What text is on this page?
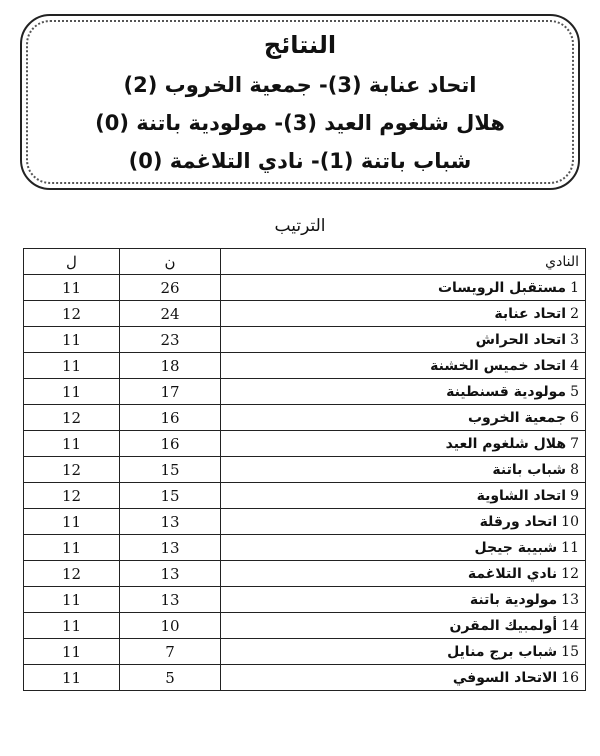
النتائج
اتحاد عنابة (3)- جمعية الخروب (2)
هلال شلغوم العيد (3)- مولودية باتنة (0)
شباب باتنة (1)- نادي التلاغمة (0)
الترتيب
ل	ن	النادي
11	26	1مستقبل الرويسات
12	24	2اتحاد عنابة
11	23	3اتحاد الحراش
11	18	4اتحاد خميس الخشنة
11	17	5مولودية قسنطينة
12	16	6جمعية الخروب
11	16	7هلال شلغوم العيد
12	15	8شباب باتنة
12	15	9اتحاد الشاوية
11	13	10اتحاد ورقلة
11	13	11شبيبة جيجل
12	13	12نادي التلاغمة
11	13	13مولودية باتنة
11	10	14أولمبيك المقرن
11	7	15شباب برج منايل
11	5	16الاتحاد السوفي
